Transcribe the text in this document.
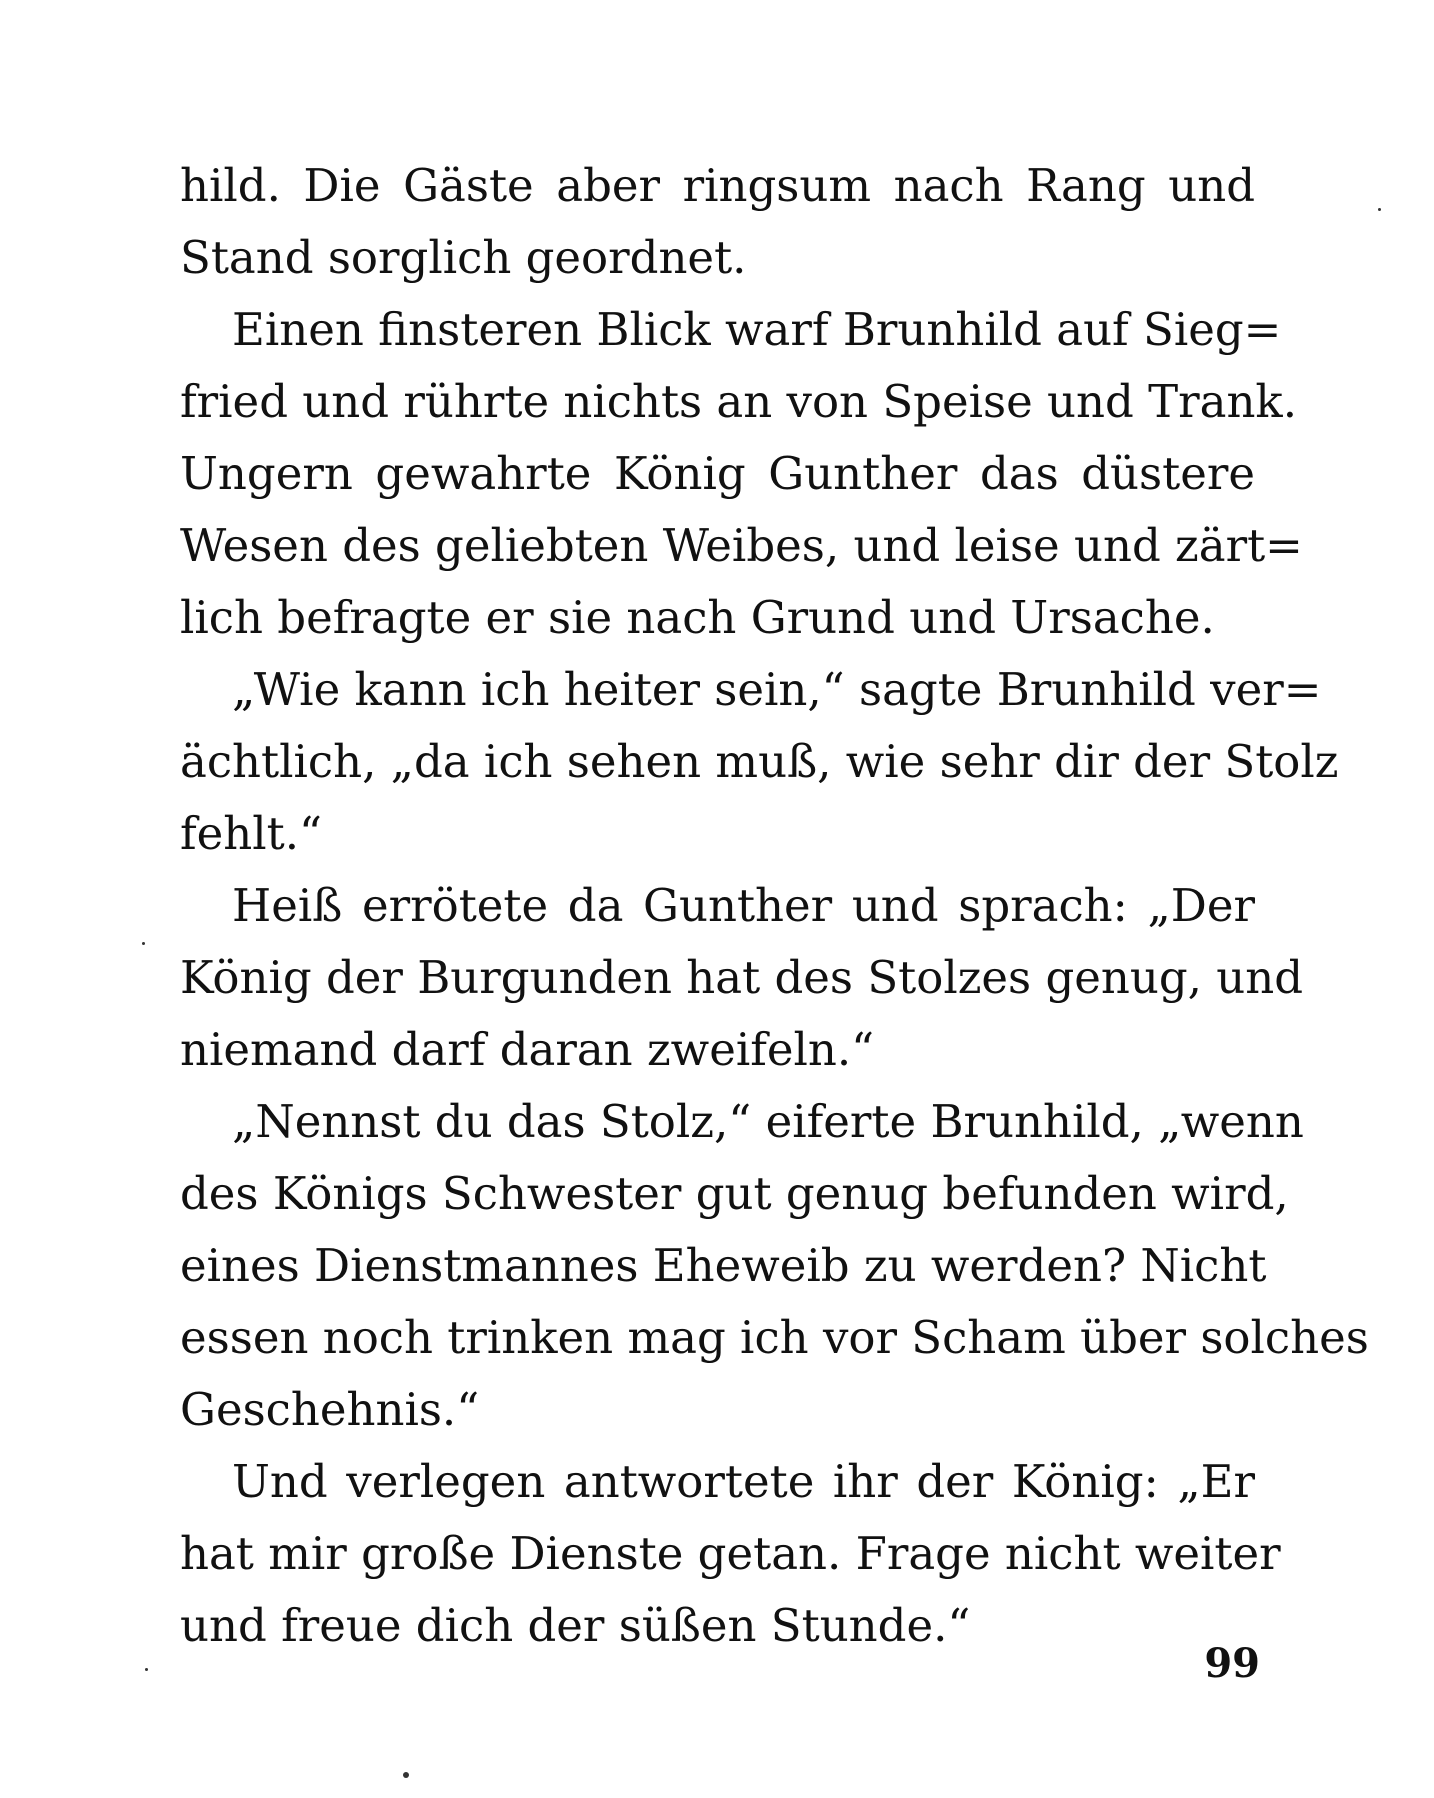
hild. Die Gäste aber ringsum nach Rang und
Stand sorglich geordnet.
Einen finsteren Blick warf Brunhild auf Sieg=
fried und rührte nichts an von Speise und Trank.
Ungern gewahrte König Gunther das düstere
Wesen des geliebten Weibes, und leise und zärt=
lich befragte er sie nach Grund und Ursache.
„Wie kann ich heiter sein,“ sagte Brunhild ver=
ächtlich, „da ich sehen muß, wie sehr dir der Stolz
fehlt.“
Heiß errötete da Gunther und sprach: „Der
König der Burgunden hat des Stolzes genug, und
niemand darf daran zweifeln.“
„Nennst du das Stolz,“ eiferte Brunhild, „wenn
des Königs Schwester gut genug befunden wird,
eines Dienstmannes Eheweib zu werden? Nicht
essen noch trinken mag ich vor Scham über solches
Geschehnis.“
Und verlegen antwortete ihr der König: „Er
hat mir große Dienste getan. Frage nicht weiter
und freue dich der süßen Stunde.“
99
